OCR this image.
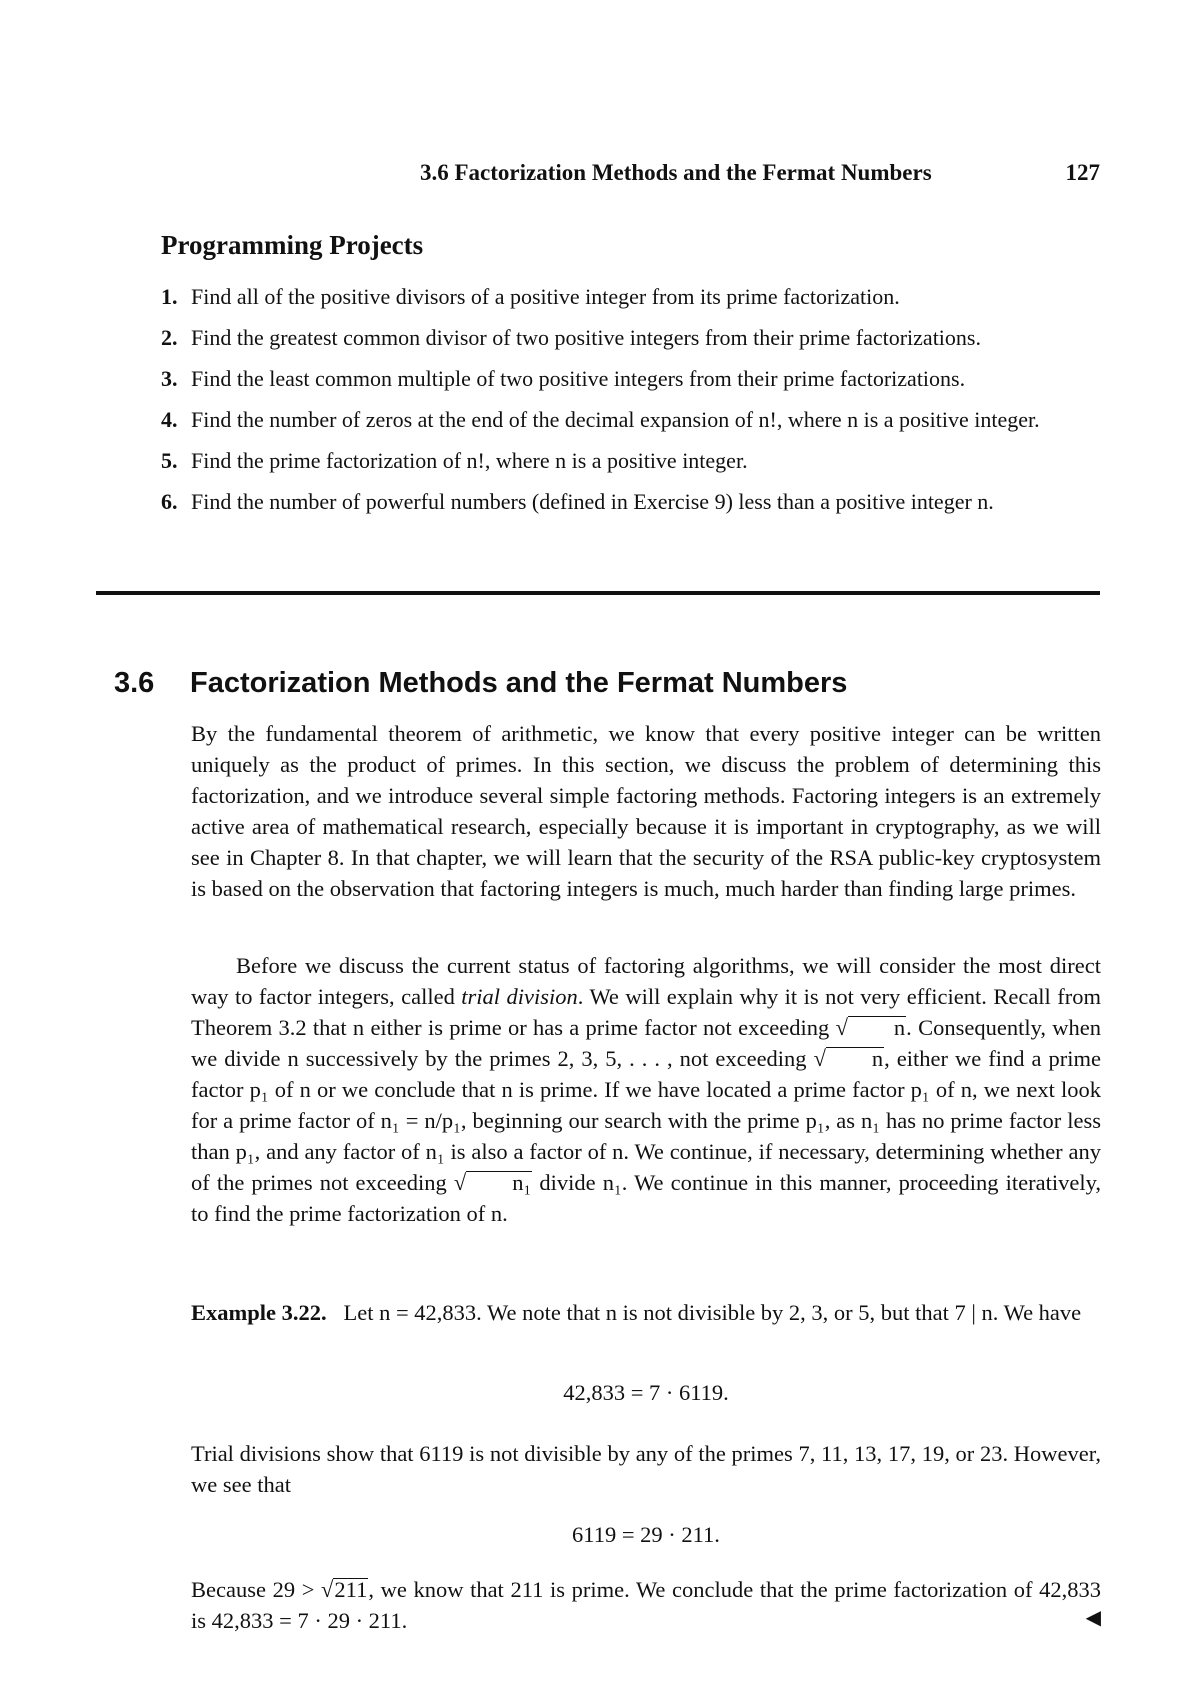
3.6 Factorization Methods and the Fermat Numbers	127
Programming Projects
1. Find all of the positive divisors of a positive integer from its prime factorization.
2. Find the greatest common divisor of two positive integers from their prime factorizations.
3. Find the least common multiple of two positive integers from their prime factorizations.
4. Find the number of zeros at the end of the decimal expansion of n!, where n is a positive integer.
5. Find the prime factorization of n!, where n is a positive integer.
6. Find the number of powerful numbers (defined in Exercise 9) less than a positive integer n.
3.6 Factorization Methods and the Fermat Numbers

By the fundamental theorem of arithmetic, we know that every positive integer can be written uniquely as the product of primes. In this section, we discuss the problem of determining this factorization, and we introduce several simple factoring methods. Factoring integers is an extremely active area of mathematical research, especially because it is important in cryptography, as we will see in Chapter 8. In that chapter, we will learn that the security of the RSA public-key cryptosystem is based on the observation that factoring integers is much, much harder than finding large primes.

Before we discuss the current status of factoring algorithms, we will consider the most direct way to factor integers, called trial division. We will explain why it is not very efficient. Recall from Theorem 3.2 that n either is prime or has a prime factor not exceeding √ n. Consequently, when we divide n successively by the primes 2, 3, 5, . . . , not exceeding √ n, either we find a prime factor p₁ of n or we conclude that n is prime. If we have located a prime factor p₁ of n, we next look for a prime factor of n₁ = n/p₁, beginning our search with the prime p₁, as n₁ has no prime factor less than p₁, and any factor of n₁ is also a factor of n. We continue, if necessary, determining whether any of the primes not exceeding √ n₁ divide n₁. We continue in this manner, proceeding iteratively, to find the prime factorization of n.

Example 3.22. Let n = 42,833. We note that n is not divisible by 2, 3, or 5, but that 7 | n. We have

42,833 = 7 · 6119.

Trial divisions show that 6119 is not divisible by any of the primes 7, 11, 13, 17, 19, or 23. However, we see that

6119 = 29 · 211.

Because 29 > √211, we know that 211 is prime. We conclude that the prime factorization of 42,833 is 42,833 = 7 · 29 · 211.	◀
